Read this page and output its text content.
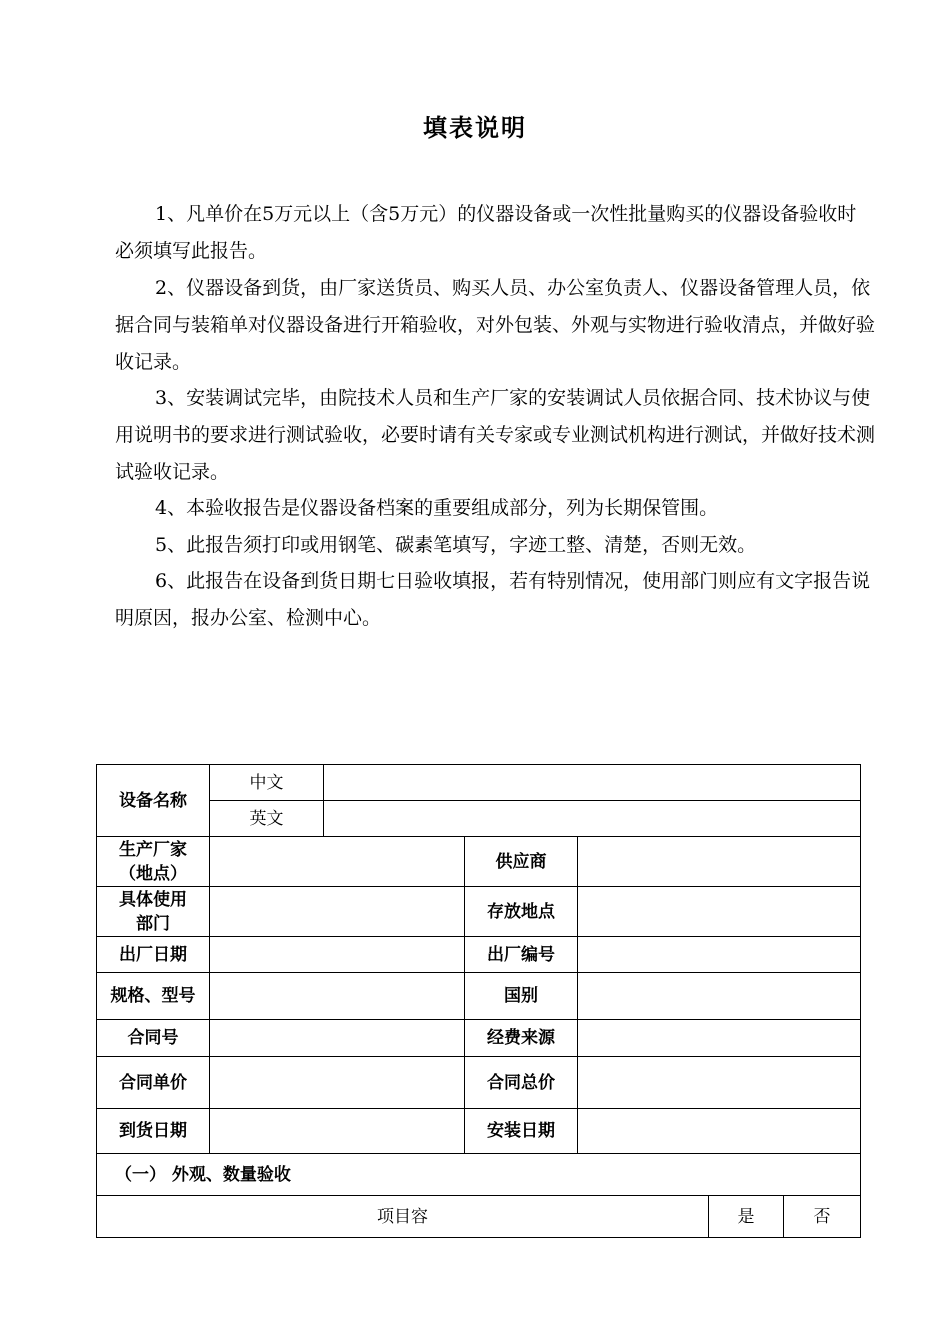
填表说明

1、凡单价在5万元以上（含5万元）的仪器设备或一次性批量购买的仪器设备验收时必须填写此报告。

2、仪器设备到货，由厂家送货员、购买人员、办公室负责人、仪器设备管理人员，依据合同与装箱单对仪器设备进行开箱验收，对外包装、外观与实物进行验收清点，并做好验收记录。

3、安装调试完毕，由院技术人员和生产厂家的安装调试人员依据合同、技术协议与使用说明书的要求进行测试验收，必要时请有关专家或专业测试机构进行测试，并做好技术测试验收记录。

4、本验收报告是仪器设备档案的重要组成部分，列为长期保管围。

5、此报告须打印或用钢笔、碳素笔填写，字迹工整、清楚，否则无效。

6、此报告在设备到货日期七日验收填报，若有特别情况，使用部门则应有文字报告说明原因，报办公室、检测中心。

设备名称	中文					
	英文					
生产厂家
（地点）			供应商			
具体使用
部门			存放地点			
出厂日期			出厂编号			
规格、型号			国别			
合同号			经费来源			
合同单价			合同总价			
到货日期			安装日期			
（一） 外观、数量验收						
项目容					是	否
